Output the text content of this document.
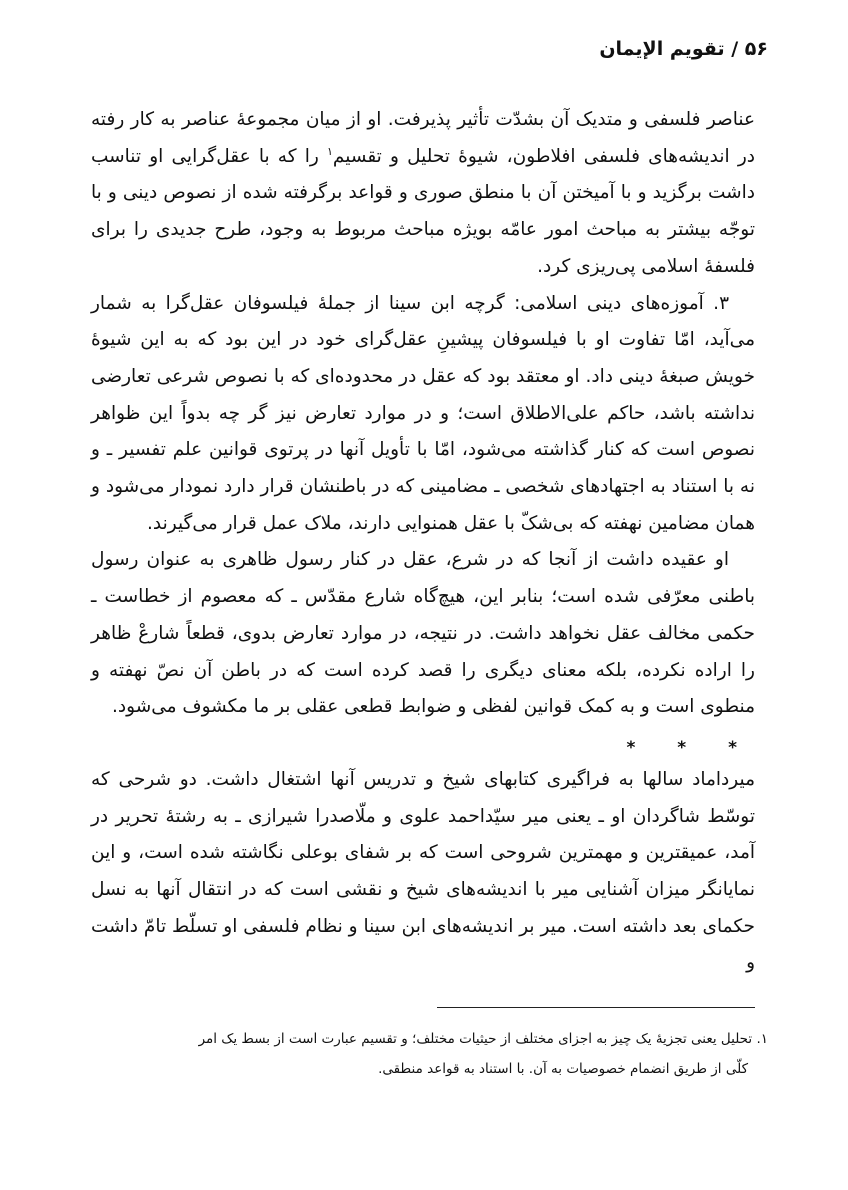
۵۶ / تقویم الإیمان

عناصر فلسفی و متدیک آن بشدّت تأثیر پذیرفت. او از میان مجموعهٔ عناصر به کار رفته در اندیشه‌های فلسفی افلاطون، شیوهٔ تحلیل و تقسیم$^۱$ را که با عقل‌گرایی او تناسب داشت برگزید و با آمیختن آن با منطق صوری و قواعد برگرفته شده از نصوص دینی و با توجّه بیشتر به مباحث امور عامّه بویژه مباحث مربوط به وجود، طرح جدیدی را برای فلسفهٔ اسلامی پی‌ریزی کرد.

۳. آموزه‌های دینی اسلامی: گرچه ابن سینا از جملهٔ فیلسوفان عقل‌گرا به شمار می‌آید، امّا تفاوت او با فیلسوفان پیشینِ عقل‌گرای خود در این بود که به این شیوهٔ خویش صبغهٔ دینی داد. او معتقد بود که عقل در محدوده‌ای که با نصوص شرعی تعارضی نداشته باشد، حاکم علی‌الاطلاق است؛ و در موارد تعارض نیز گر چه بدواً این ظواهر نصوص است که کنار گذاشته می‌شود، امّا با تأویل آنها در پرتوی قوانین علم تفسیر ـ و نه با استناد به اجتهادهای شخصی ـ مضامینی که در باطنشان قرار دارد نمودار می‌شود و همان مضامین نهفته که بی‌شکّ با عقل همنوایی دارند، ملاک عمل قرار می‌گیرند.

او عقیده داشت از آنجا که در شرع، عقل در کنار رسول ظاهری به عنوان رسول باطنی معرّفی شده است؛ بنابر این، هیچ‌گاه شارع مقدّس ـ که معصوم از خطاست ـ حکمی مخالف عقل نخواهد داشت. در نتیجه، در موارد تعارض بدوی، قطعاً شارعْ ظاهر را اراده نکرده، بلکه معنای دیگری را قصد کرده است که در باطن آن نصّ نهفته و منطوی است و به کمک قوانین لفظی و ضوابط قطعی عقلی بر ما مکشوف می‌شود.

* * *

میرداماد سالها به فراگیری کتابهای شیخ و تدریس آنها اشتغال داشت. دو شرحی که توسّط شاگردان او ـ یعنی میر سیّداحمد علوی و ملّاصدرا شیرازی ـ به رشتهٔ تحریر در آمد، عمیقترین و مهمترین شروحی است که بر شفای بوعلی نگاشته شده است، و این نمایانگر میزان آشنایی میر با اندیشه‌های شیخ و نقشی است که در انتقال آنها به نسل حکمای بعد داشته است. میر بر اندیشه‌های ابن سینا و نظام فلسفی او تسلّط تامّ داشت و

۱. تحلیل یعنی تجزیهٔ یک چیز به اجزای مختلف از حیثیات مختلف؛ و تقسیم عبارت است از بسط یک امر
کلّی از طریق انضمام خصوصیات به آن. با استناد به قواعد منطقی.
